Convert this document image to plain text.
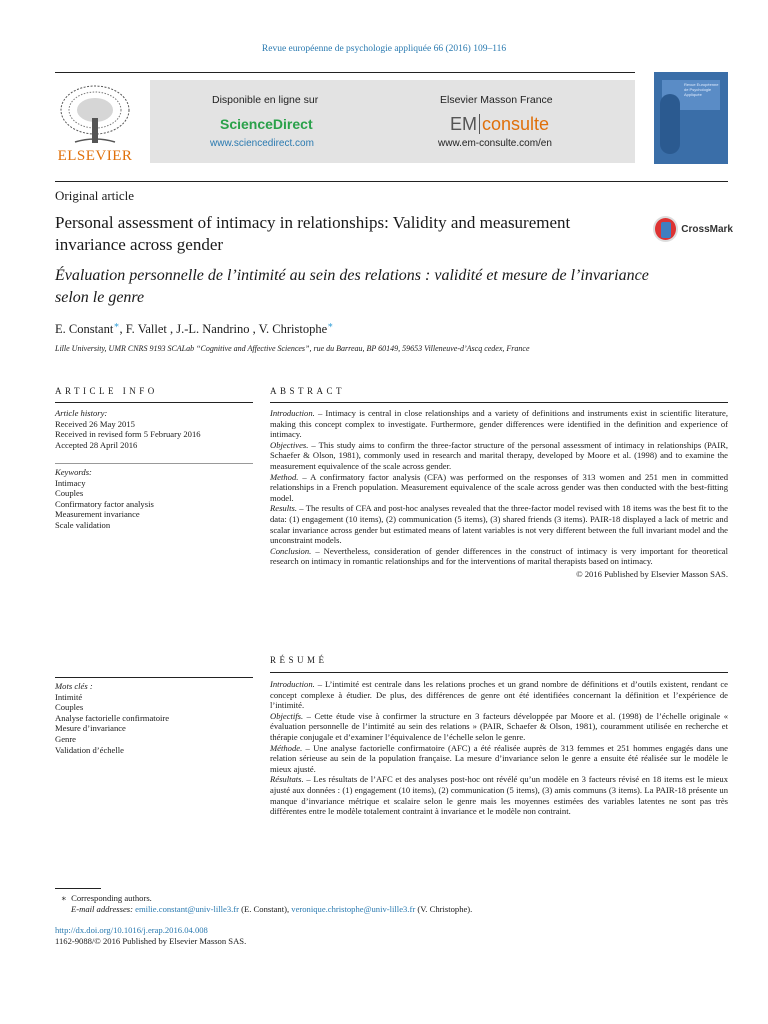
Revue européenne de psychologie appliquée 66 (2016) 109–116
ELSEVIER
Disponible en ligne sur
ScienceDirect
www.sciencedirect.com
Elsevier Masson France
EM consulte
www.em-consulte.com/en
Revue Européenne de Psychologie Appliquée
Original article
Personal assessment of intimacy in relationships: Validity and measurement invariance across gender
Évaluation personnelle de l’intimité au sein des relations : validité et mesure de l’invariance selon le genre
CrossMark
E. Constant∗, F. Vallet , J.-L. Nandrino , V. Christophe∗
Lille University, UMR CNRS 9193 SCALab “Cognitive and Affective Sciences”, rue du Barreau, BP 60149, 59653 Villeneuve-d’Ascq cedex, France
ARTICLE INFO
Article history:
Received 26 May 2015
Received in revised form 5 February 2016
Accepted 28 April 2016
Keywords:
Intimacy
Couples
Confirmatory factor analysis
Measurement invariance
Scale validation
ABSTRACT

Introduction. – Intimacy is central in close relationships and a variety of definitions and instruments exist in scientific literature, making this concept complex to investigate. Furthermore, gender differences were identified in the definition and experience of intimacy.

Objectives. – This study aims to confirm the three-factor structure of the personal assessment of intimacy in relationships (PAIR, Schaefer & Olson, 1981), commonly used in research and marital therapy, developed by Moore et al. (1998) and to examine the measurement equivalence of the scale across gender.

Method. – A confirmatory factor analysis (CFA) was performed on the responses of 313 women and 251 men in committed relationships in a French population. Measurement equivalence of the scale across gender was then conducted with the best-fitting model.

Results. – The results of CFA and post-hoc analyses revealed that the three-factor model revised with 18 items was the best fit to the data: (1) engagement (10 items), (2) communication (5 items), (3) shared friends (3 items). PAIR-18 displayed a lack of metric and scalar invariance across gender but estimated means of latent variables is not very different between the full invariant model and the unconstraint models.

Conclusion. – Nevertheless, consideration of gender differences in the construct of intimacy is very important for theoretical research on intimacy in romantic relationships and for the interventions of marital therapists based on intimacy.

© 2016 Published by Elsevier Masson SAS.

Mots clés :
Intimité
Couples
Analyse factorielle confirmatoire
Mesure d’invariance
Genre
Validation d’échelle
RÉSUMÉ

Introduction. – L’intimité est centrale dans les relations proches et un grand nombre de définitions et d’outils existent, rendant ce concept complexe à étudier. De plus, des différences de genre ont été identifiées concernant la définition et l’expérience de l’intimité.

Objectifs. – Cette étude vise à confirmer la structure en 3 facteurs développée par Moore et al. (1998) de l’échelle originale « évaluation personnelle de l’intimité au sein des relations » (PAIR, Schaefer & Olson, 1981), couramment utilisée en recherche et thérapie conjugale et d’examiner l’équivalence de l’échelle selon le genre.

Méthode. – Une analyse factorielle confirmatoire (AFC) a été réalisée auprès de 313 femmes et 251 hommes engagés dans une relation sérieuse au sein de la population française. La mesure d’invariance selon le genre a ensuite été réalisée sur le modèle le mieux ajusté.

Résultats. – Les résultats de l’AFC et des analyses post-hoc ont révélé qu’un modèle en 3 facteurs révisé en 18 items est le mieux ajusté aux données : (1) engagement (10 items), (2) communication (5 items), (3) amis communs (3 items). La PAIR-18 présente un manque d’invariance métrique et scalaire selon le genre mais les moyennes estimées des variables latentes ne sont pas très différentes entre le modèle totalement contraint à invariance et le modèle non contraint.

∗ Corresponding authors.
E-mail addresses: emilie.constant@univ-lille3.fr (E. Constant), veronique.christophe@univ-lille3.fr (V. Christophe).
http://dx.doi.org/10.1016/j.erap.2016.04.008
1162-9088/© 2016 Published by Elsevier Masson SAS.
